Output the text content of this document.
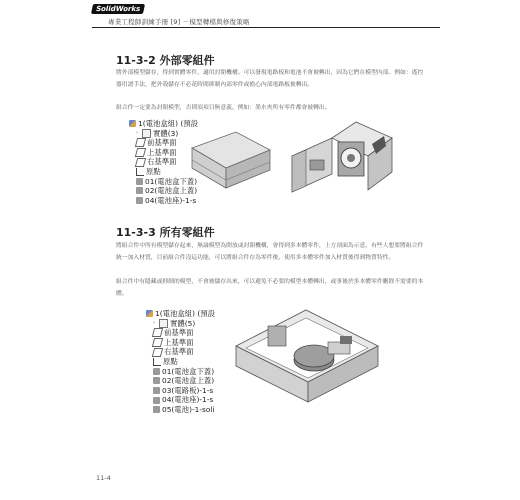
SolidWorks
專業工程師訓練手冊 [9] －模型轉檔與修復策略
11-3-2 外部零組件

將外部模型儲存，得到實體零件，適用封閉機構。可以發現電路板和電池不會被轉出，因為它們在模型內部。例如：遙控器用譜手法，把外殼儲存不必花時間抑制內部零件或擔心內部電路板被轉出。

組合件一定要為封閉模型，否則須項目無意義，例如：墨水夾所有零件都會被轉出。

1(電池盒組) (預設
›	實體(3)
前基準面
上基準面
右基準面
原點
01(電池盒下蓋)
02(電池盒上蓋)
04(電池座)-1-s
11-3-3 所有零組件

將組合件中所有模型儲存起來，無論模型為開放或封閉機構，會得到多本體零件，上方剖面為示意。有些人想要將組合件統一加入材質，目前組合件沒這功能，可以將組合件存為零件後，使用多本體零件加入材質後得到物質特性。

組合件中有隱藏或抑制的模型，不會被儲存出來，可以避免不必要的模型本體轉出，或事後於多本體零件刪除不需要的本體。

1(電池盒組) (預設
›	實體(5)
前基準面
上基準面
右基準面
原點
01(電池盒下蓋)
02(電池盒上蓋)
03(電路板)-1-s
04(電池座)-1-s
05(電池)-1-soli
11-4
